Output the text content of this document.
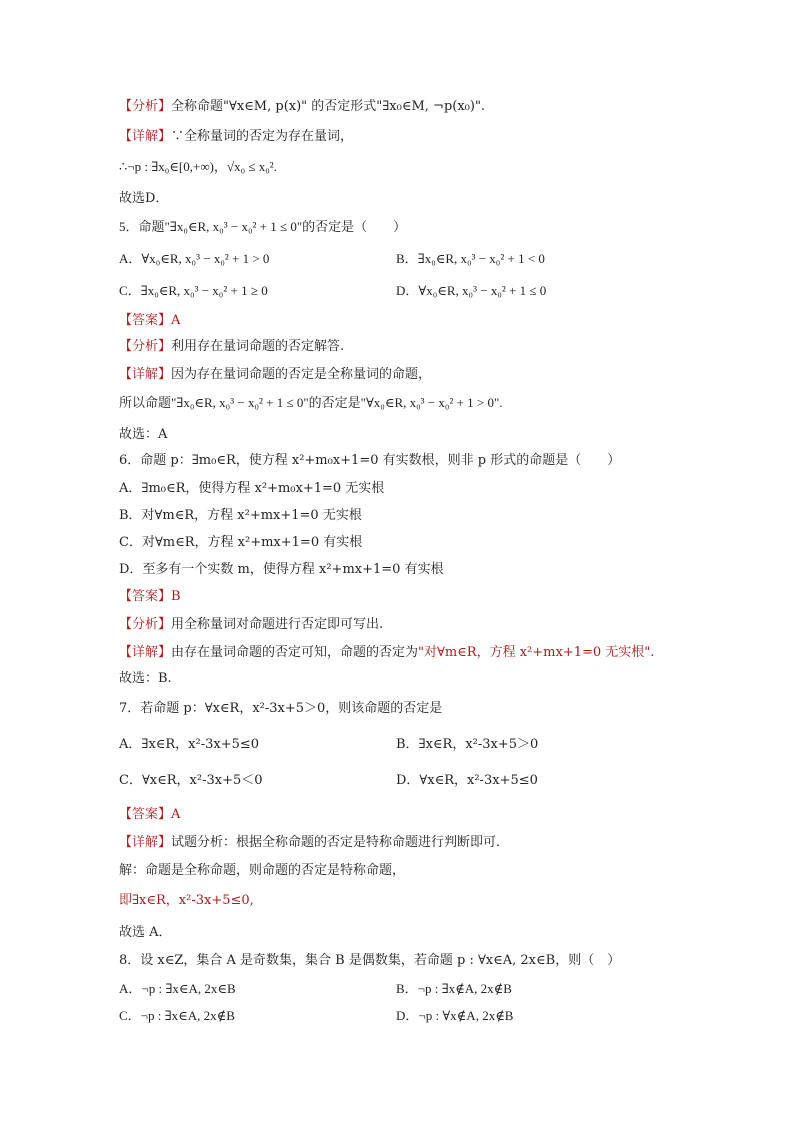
【分析】全称命题"∀x∈M, p(x)" 的否定形式"∃x₀∈M, ¬p(x₀)".
【详解】∵全称量词的否定为存在量词，
∴¬p : ∃x₀∈[0,+∞)，√x₀ ≤ x₀².
故选D．
5．命题"∃x₀∈R, x₀³ − x₀² + 1 ≤ 0"的否定是（　　）
A．∀x₀∈R, x₀³ − x₀² + 1 > 0	B．∃x₀∈R, x₀³ − x₀² + 1 < 0
C．∃x₀∈R, x₀³ − x₀² + 1 ≥ 0	D．∀x₀∈R, x₀³ − x₀² + 1 ≤ 0
【答案】A
【分析】利用存在量词命题的否定解答.
【详解】因为存在量词命题的否定是全称量词的命题，
所以命题"∃x₀∈R, x₀³ − x₀² + 1 ≤ 0"的否定是"∀x₀∈R, x₀³ − x₀² + 1 > 0".
故选：A
6．命题 p：∃m₀∈R，使方程 x²+m₀x+1=0 有实数根，则非 p 形式的命题是（　　）
A．∃m₀∈R，使得方程 x²+m₀x+1=0 无实根
B．对∀m∈R，方程 x²+mx+1=0 无实根
C．对∀m∈R，方程 x²+mx+1=0 有实根
D．至多有一个实数 m，使得方程 x²+mx+1=0 有实根
【答案】B
【分析】用全称量词对命题进行否定即可写出.
【详解】由存在量词命题的否定可知，命题的否定为"对∀m∈R，方程 x²+mx+1=0 无实根".
故选：B.
7．若命题 p：∀x∈R，x²-3x+5＞0，则该命题的否定是
A．∃x∈R，x²-3x+5≤0	B．∃x∈R，x²-3x+5＞0
C．∀x∈R，x²-3x+5＜0	D．∀x∈R，x²-3x+5≤0
【答案】A
【详解】试题分析：根据全称命题的否定是特称命题进行判断即可．
解：命题是全称命题，则命题的否定是特称命题，
即∃x∈R，x²-3x+5≤0,
故选 A．
8．设 x∈Z，集合 A 是奇数集，集合 B 是偶数集，若命题 p : ∀x∈A, 2x∈B，则（　）
A．¬p : ∃x∈A, 2x∈B	B．¬p : ∃x∉A, 2x∉B
C．¬p : ∃x∈A, 2x∉B	D．¬p : ∀x∉A, 2x∉B
